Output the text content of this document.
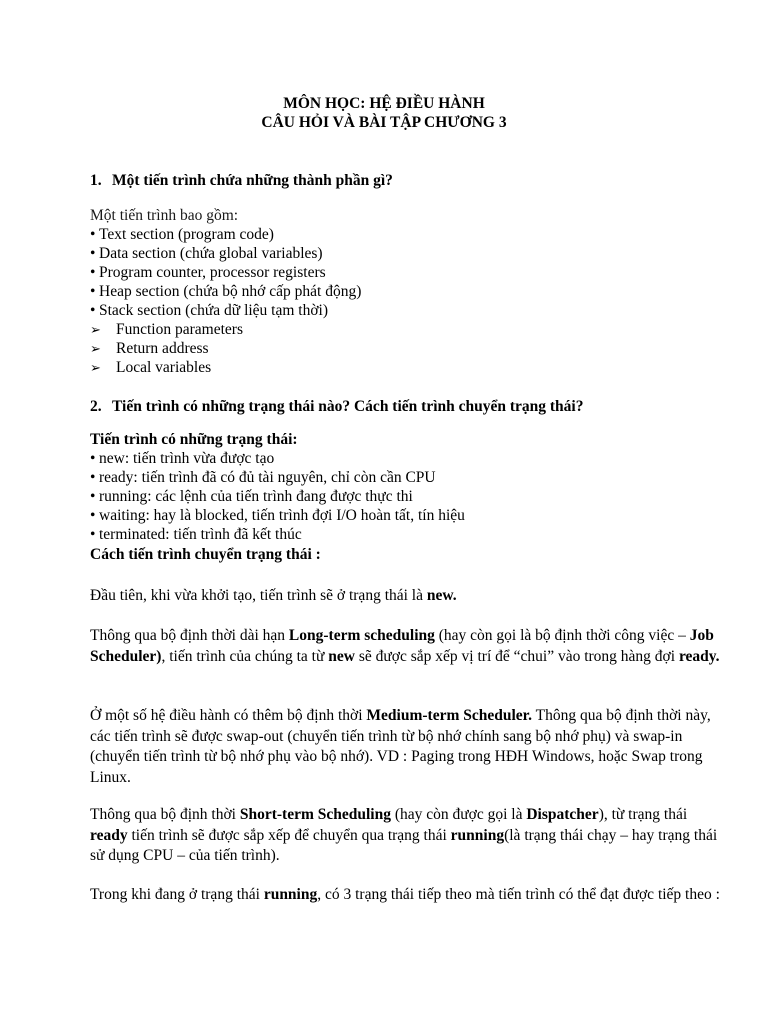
MÔN HỌC: HỆ ĐIỀU HÀNH
CÂU HỎI VÀ BÀI TẬP CHƯƠNG 3
1. Một tiến trình chứa những thành phần gì?
Một tiến trình bao gồm:
• Text section (program code)
• Data section (chứa global variables)
• Program counter, processor registers
• Heap section (chứa bộ nhớ cấp phát động)
• Stack section (chứa dữ liệu tạm thời)
➢ Function parameters
➢ Return address
➢ Local variables
2. Tiến trình có những trạng thái nào? Cách tiến trình chuyển trạng thái?
Tiến trình có những trạng thái:
• new: tiến trình vừa được tạo
• ready: tiến trình đã có đủ tài nguyên, chỉ còn cần CPU
• running: các lệnh của tiến trình đang được thực thi
• waiting: hay là blocked, tiến trình đợi I/O hoàn tất, tín hiệu
• terminated: tiến trình đã kết thúc
Cách tiến trình chuyển trạng thái :
Đầu tiên, khi vừa khởi tạo, tiến trình sẽ ở trạng thái là new.
Thông qua bộ định thời dài hạn Long-term scheduling (hay còn gọi là bộ định thời công việc – Job Scheduler), tiến trình của chúng ta từ new sẽ được sắp xếp vị trí để “chui” vào trong hàng đợi ready.
Ở một số hệ điều hành có thêm bộ định thời Medium-term Scheduler. Thông qua bộ định thời này, các tiến trình sẽ được swap-out (chuyển tiến trình từ bộ nhớ chính sang bộ nhớ phụ) và swap-in (chuyển tiến trình từ bộ nhớ phụ vào bộ nhớ). VD : Paging trong HĐH Windows, hoặc Swap trong Linux.
Thông qua bộ định thời Short-term Scheduling (hay còn được gọi là Dispatcher), từ trạng thái ready tiến trình sẽ được sắp xếp để chuyển qua trạng thái running(là trạng thái chạy – hay trạng thái sử dụng CPU – của tiến trình).
Trong khi đang ở trạng thái running, có 3 trạng thái tiếp theo mà tiến trình có thể đạt được tiếp theo :
